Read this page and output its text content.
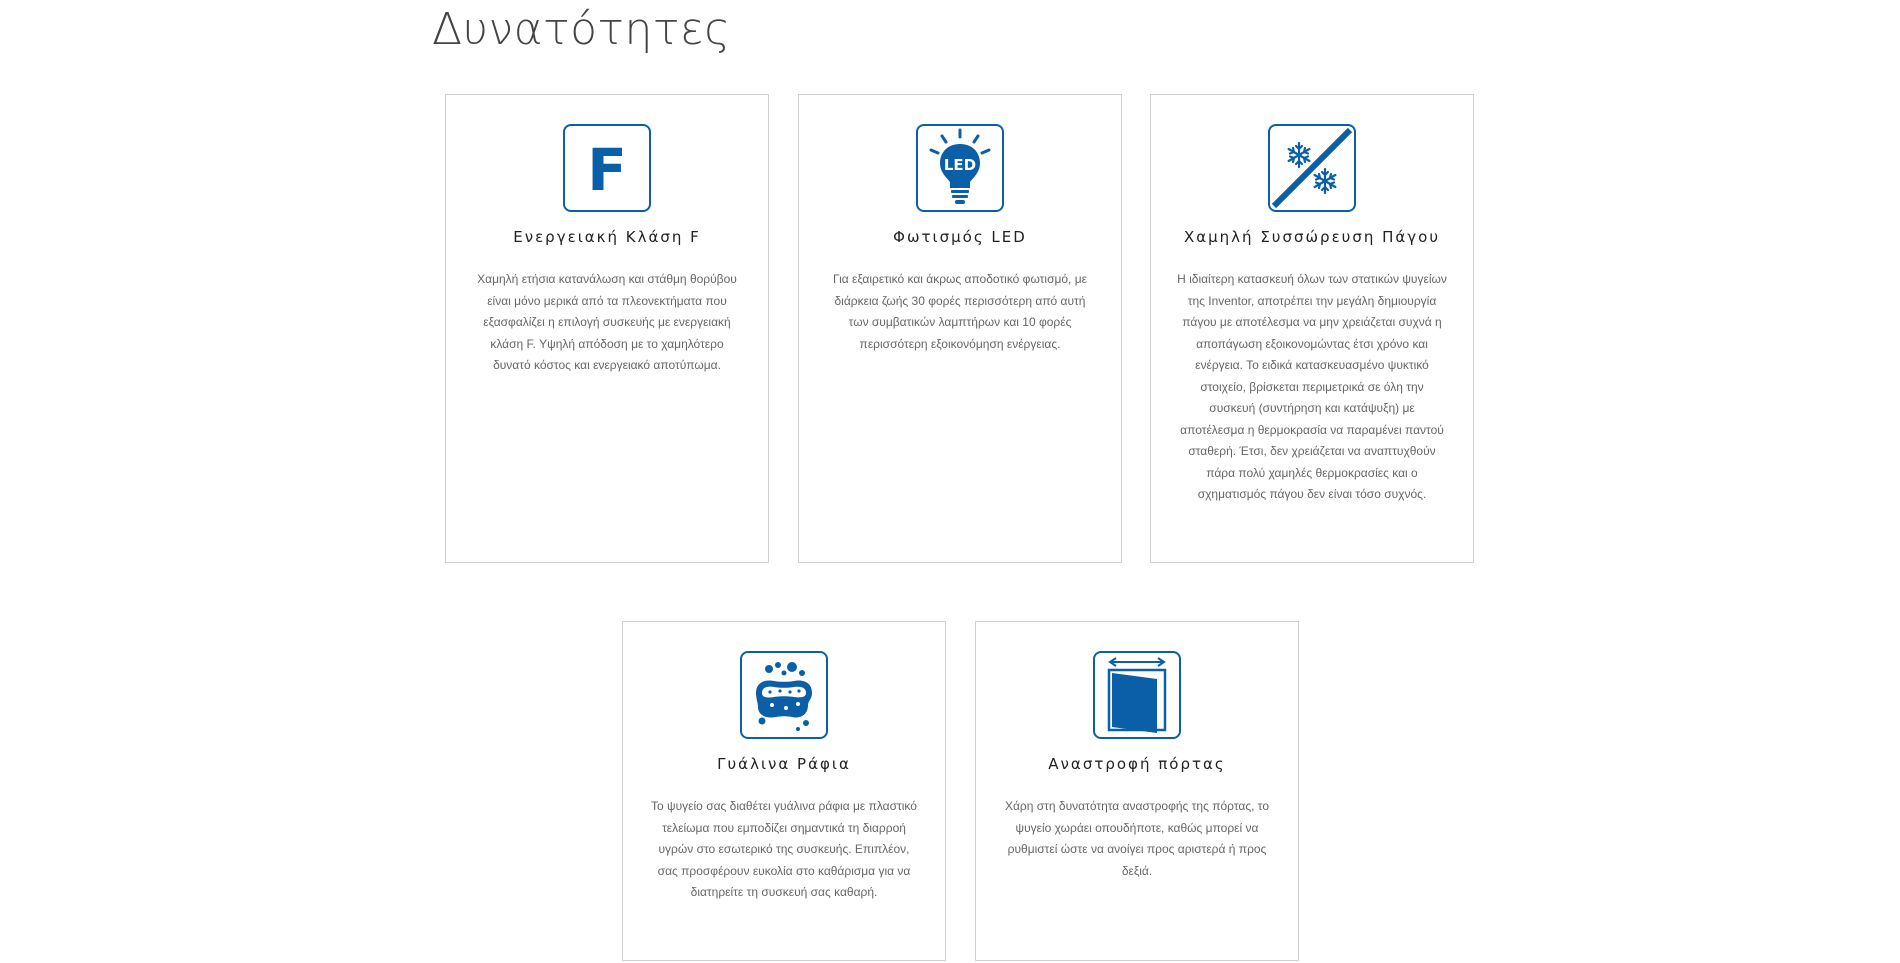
Δυνατότητες
F
Ενεργειακή Κλάση F
Χαμηλή ετήσια κατανάλωση και στάθμη θορύβου είναι μόνο μερικά από τα πλεονεκτήματα που εξασφαλίζει η επιλογή συσκευής με ενεργειακή κλάση F. Υψηλή απόδοση με το χαμηλότερο δυνατό κόστος και ενεργειακό αποτύπωμα.
LED
Φωτισμός LED
Για εξαιρετικό και άκρως αποδοτικό φωτισμό, με διάρκεια ζωής 30 φορές περισσότερη από αυτή των συμβατικών λαμπτήρων και 10 φορές περισσότερη εξοικονόμηση ενέργειας.
Χαμηλή Συσσώρευση Πάγου
Η ιδιαίτερη κατασκευή όλων των στατικών ψυγείων της Inventor, αποτρέπει την μεγάλη δημιουργία πάγου με αποτέλεσμα να μην χρειάζεται συχνά η αποπάγωση εξοικονομώντας έτσι χρόνο και ενέργεια. Το ειδικά κατασκευασμένο ψυκτικό στοιχείο, βρίσκεται περιμετρικά σε όλη την συσκευή (συντήρηση και κατάψυξη) με αποτέλεσμα η θερμοκρασία να παραμένει παντού σταθερή. Έτσι, δεν χρειάζεται να αναπτυχθούν πάρα πολύ χαμηλές θερμοκρασίες και ο σχηματισμός πάγου δεν είναι τόσο συχνός.
Γυάλινα Ράφια
Το ψυγείο σας διαθέτει γυάλινα ράφια με πλαστικό τελείωμα που εμποδίζει σημαντικά τη διαρροή υγρών στο εσωτερικό της συσκευής. Επιπλέον, σας προσφέρουν ευκολία στο καθάρισμα για να διατηρείτε τη συσκευή σας καθαρή.
Αναστροφή πόρτας
Χάρη στη δυνατότητα αναστροφής της πόρτας, το ψυγείο χωράει οπουδήποτε, καθώς μπορεί να ρυθμιστεί ώστε να ανοίγει προς αριστερά ή προς δεξιά.
